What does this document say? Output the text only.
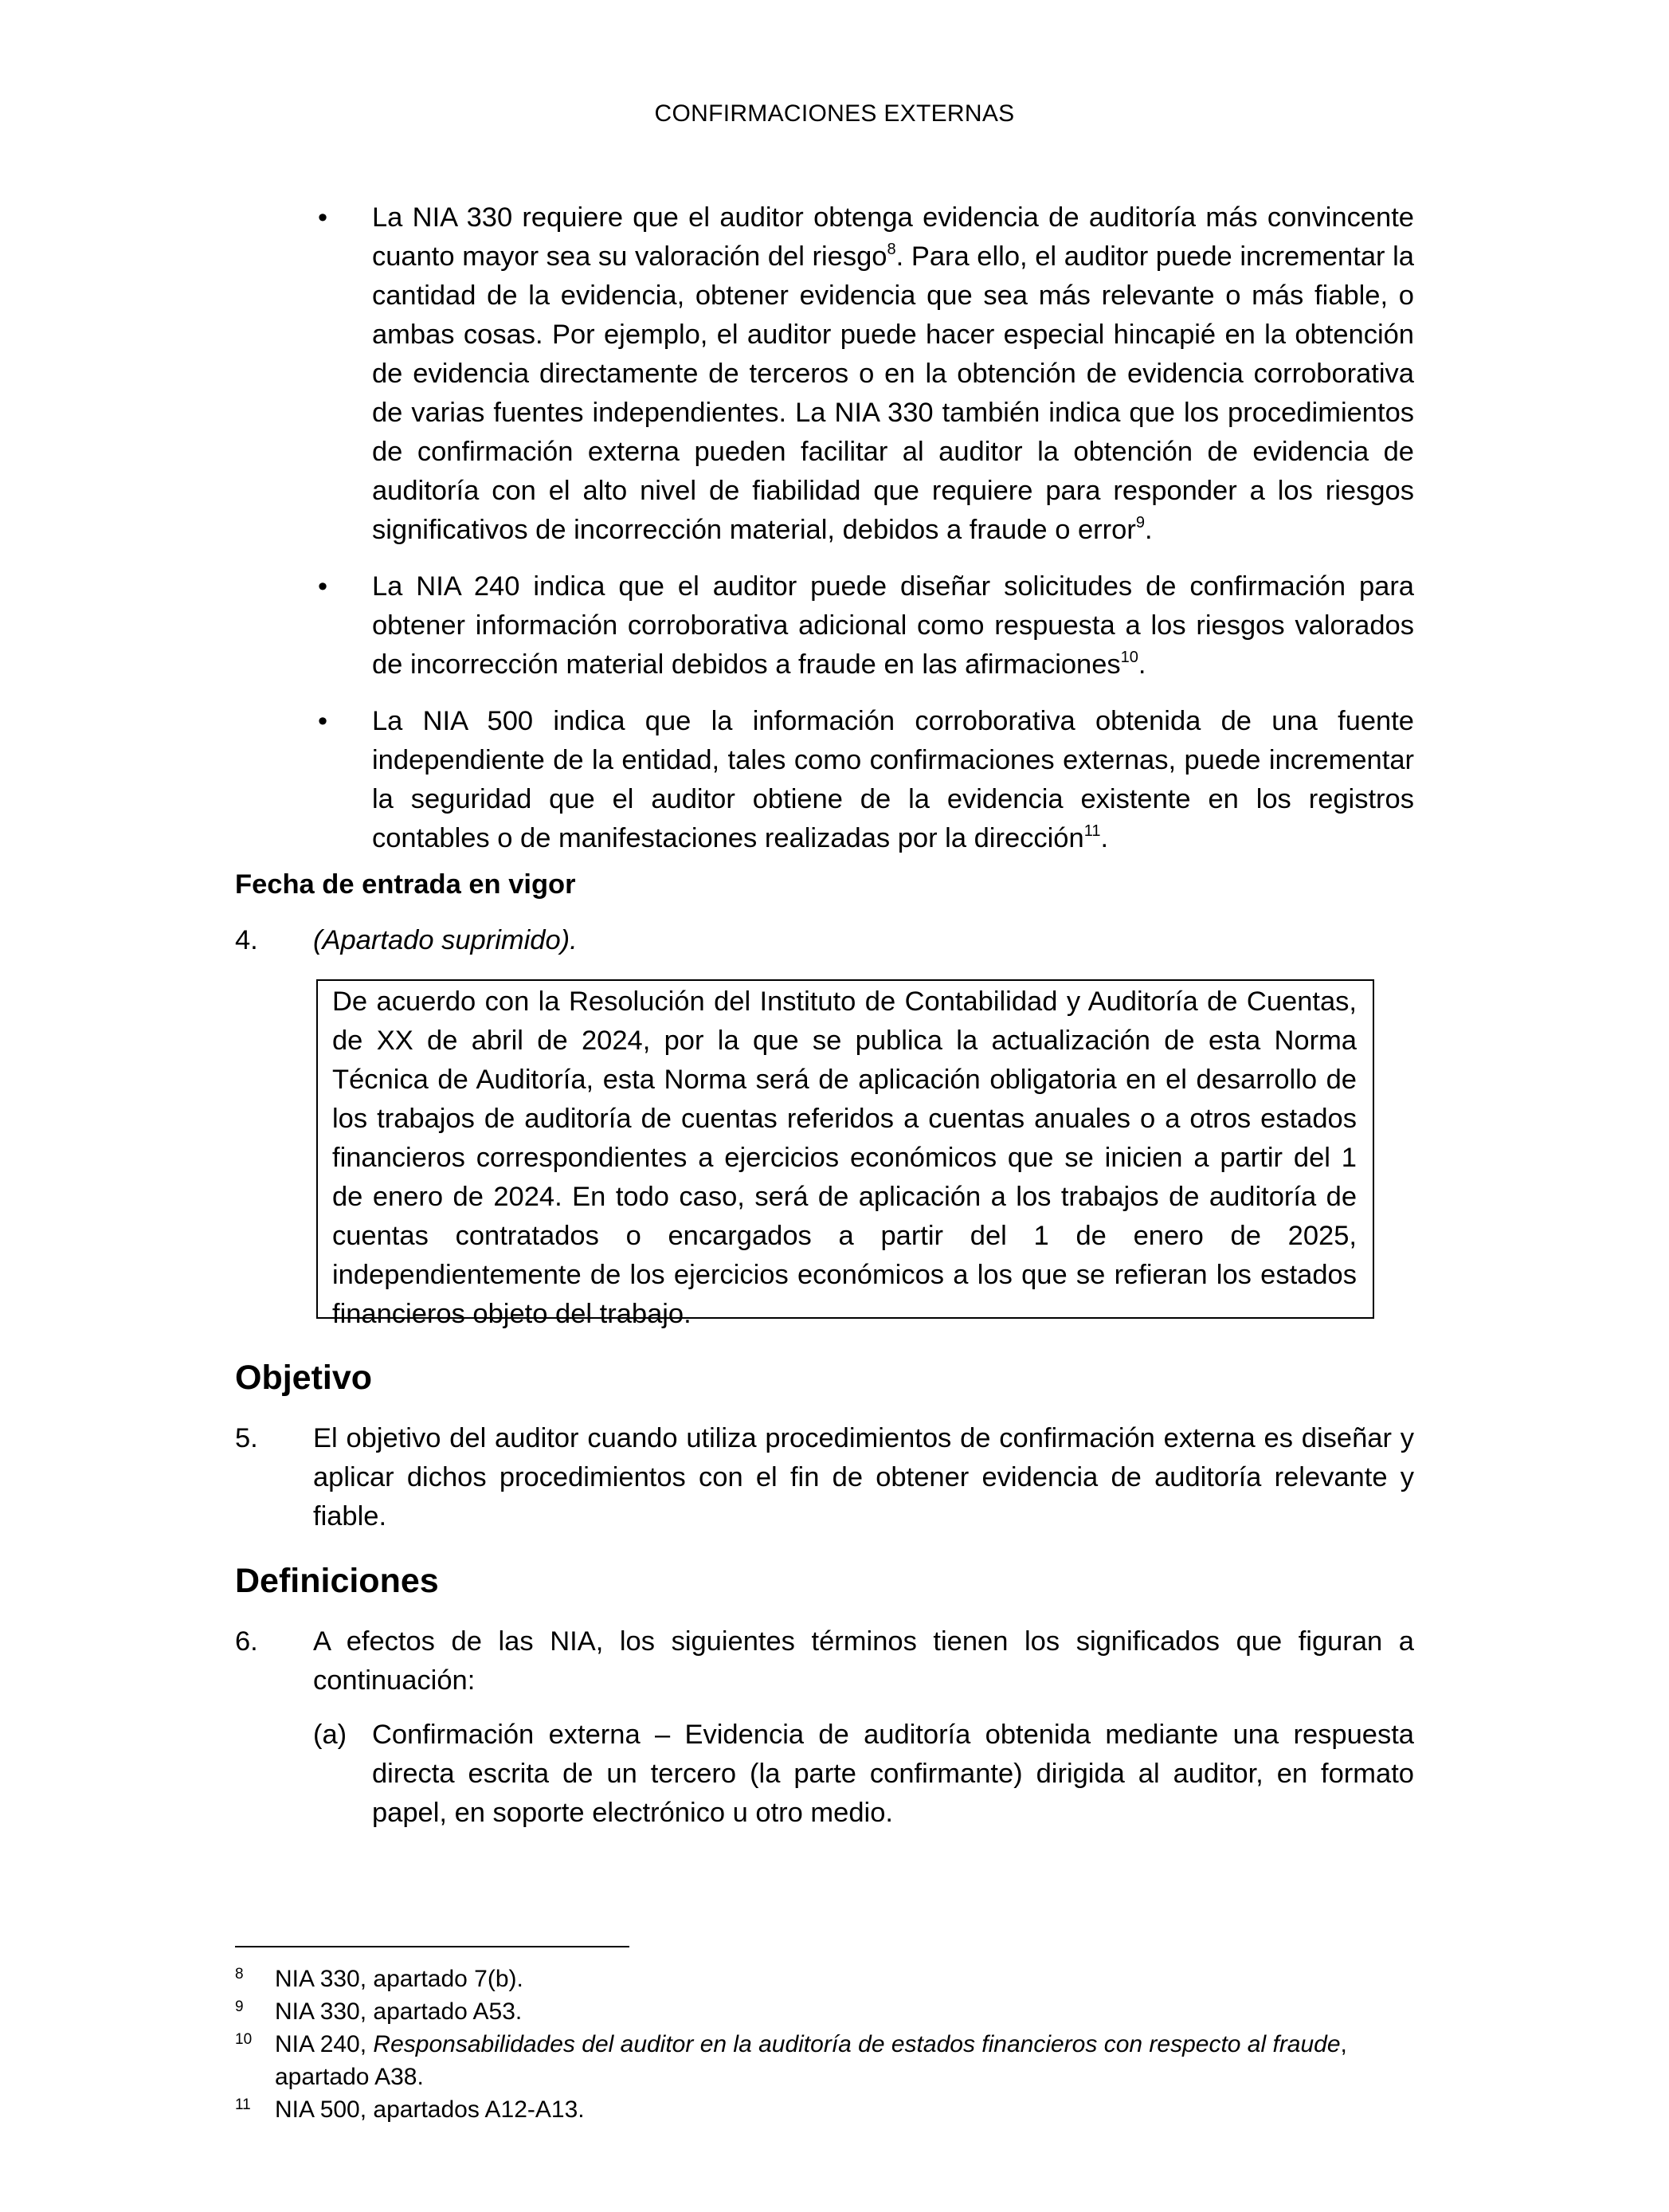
CONFIRMACIONES EXTERNAS
• La NIA 330 requiere que el auditor obtenga evidencia de auditoría más convincente cuanto mayor sea su valoración del riesgo$^8$. Para ello, el auditor puede incrementar la cantidad de la evidencia, obtener evidencia que sea más relevante o más fiable, o ambas cosas. Por ejemplo, el auditor puede hacer especial hincapié en la obtención de evidencia directamente de terceros o en la obtención de evidencia corroborativa de varias fuentes independientes. La NIA 330 también indica que los procedimientos de confirmación externa pueden facilitar al auditor la obtención de evidencia de auditoría con el alto nivel de fiabilidad que requiere para responder a los riesgos significativos de incorrección material, debidos a fraude o error$^9$.
• La NIA 240 indica que el auditor puede diseñar solicitudes de confirmación para obtener información corroborativa adicional como respuesta a los riesgos valorados de incorrección material debidos a fraude en las afirmaciones$^{10}$.
• La NIA 500 indica que la información corroborativa obtenida de una fuente independiente de la entidad, tales como confirmaciones externas, puede incrementar la seguridad que el auditor obtiene de la evidencia existente en los registros contables o de manifestaciones realizadas por la dirección$^{11}$.
Fecha de entrada en vigor
4. (Apartado suprimido).
De acuerdo con la Resolución del Instituto de Contabilidad y Auditoría de Cuentas, de XX de abril de 2024, por la que se publica la actualización de esta Norma Técnica de Auditoría, esta Norma será de aplicación obligatoria en el desarrollo de los trabajos de auditoría de cuentas referidos a cuentas anuales o a otros estados financieros correspondientes a ejercicios económicos que se inicien a partir del 1 de enero de 2024. En todo caso, será de aplicación a los trabajos de auditoría de cuentas contratados o encargados a partir del 1 de enero de 2025, independientemente de los ejercicios económicos a los que se refieran los estados financieros objeto del trabajo.
Objetivo
5. El objetivo del auditor cuando utiliza procedimientos de confirmación externa es diseñar y aplicar dichos procedimientos con el fin de obtener evidencia de auditoría relevante y fiable.
Definiciones
6. A efectos de las NIA, los siguientes términos tienen los significados que figuran a continuación:
(a) Confirmación externa – Evidencia de auditoría obtenida mediante una respuesta directa escrita de un tercero (la parte confirmante) dirigida al auditor, en formato papel, en soporte electrónico u otro medio.
8 NIA 330, apartado 7(b).
9 NIA 330, apartado A53.
10 NIA 240, Responsabilidades del auditor en la auditoría de estados financieros con respecto al fraude, apartado A38.
11 NIA 500, apartados A12-A13.
